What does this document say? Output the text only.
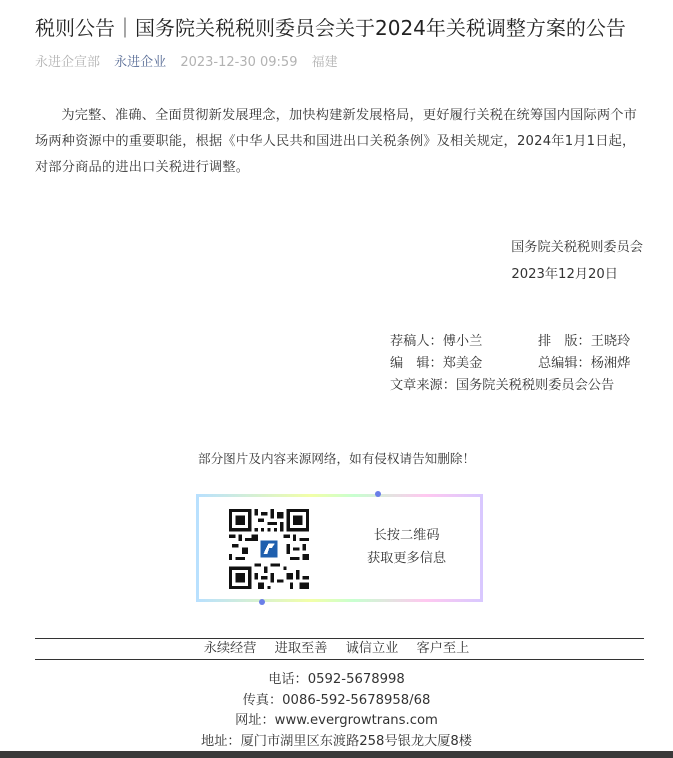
税则公告｜国务院关税税则委员会关于2024年关税调整方案的公告
永进企宣部 永进企业 2023-12-30 09:59 福建
为完整、准确、全面贯彻新发展理念，加快构建新发展格局，更好履行关税在统筹国内国际两个市场两种资源中的重要职能，根据《中华人民共和国进出口关税条例》及相关规定，2024年1月1日起，对部分商品的进出口关税进行调整。
国务院关税税则委员会
2023年12月20日
荐稿人：傅小兰	排　版：王晓玲
编　辑：郑美金	总编辑：杨湘烨
文章来源：国务院关税税则委员会公告
部分图片及内容来源网络，如有侵权请告知删除！
长按二维码
获取更多信息
永续经营 进取至善 诚信立业 客户至上
电话：0592-5678998
传真：0086-592-5678958/68
网址：www.evergrowtrans.com
地址：厦门市湖里区东渡路258号银龙大厦8楼
